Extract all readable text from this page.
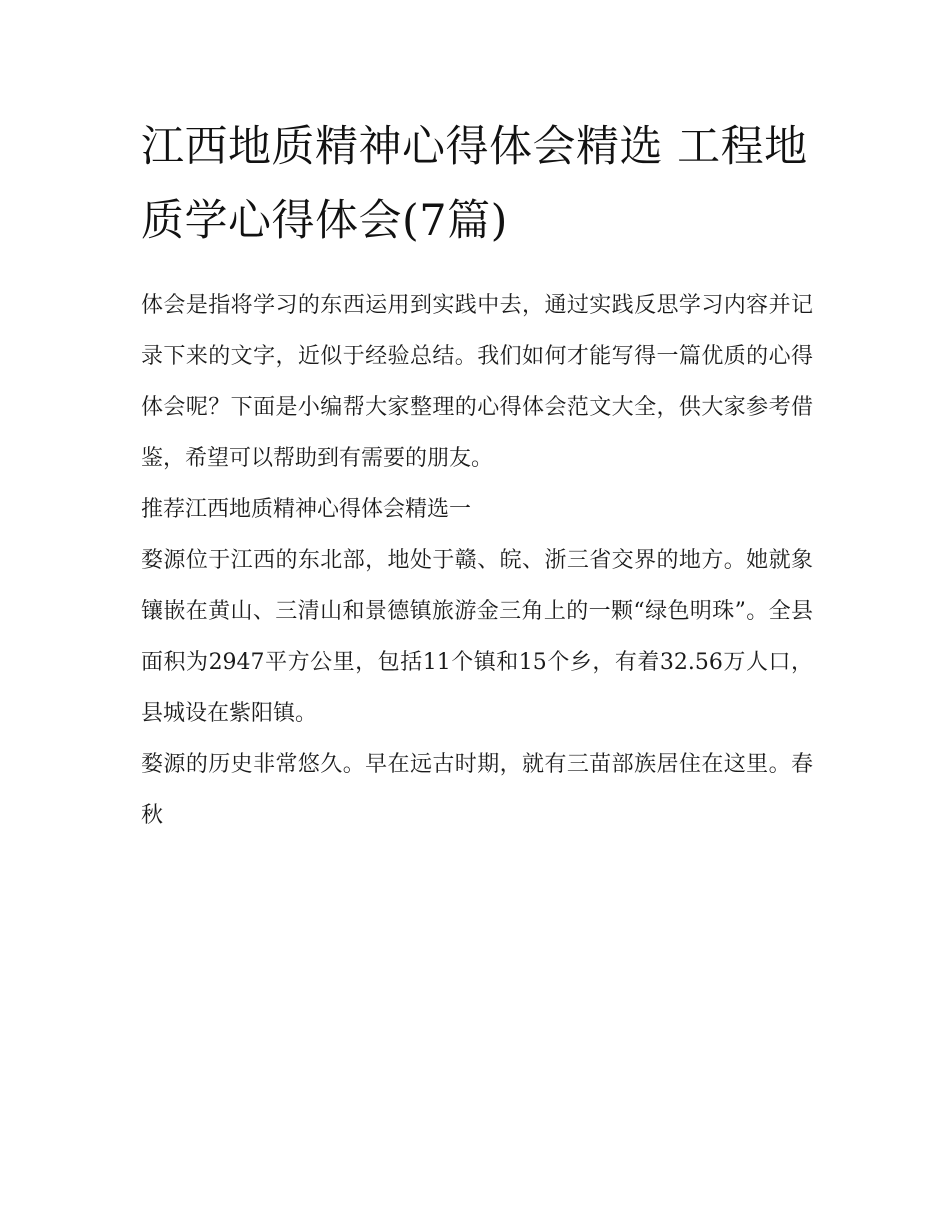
江西地质精神心得体会精选 工程地质学心得体会(7篇)

体会是指将学习的东西运用到实践中去，通过实践反思学习内容并记录下来的文字，近似于经验总结。我们如何才能写得一篇优质的心得体会呢？下面是小编帮大家整理的心得体会范文大全，供大家参考借鉴，希望可以帮助到有需要的朋友。

推荐江西地质精神心得体会精选一

婺源位于江西的东北部，地处于赣、皖、浙三省交界的地方。她就象镶嵌在黄山、三清山和景德镇旅游金三角上的一颗“绿色明珠”。全县面积为2947平方公里，包括11个镇和15个乡，有着32.56万人口，县城设在紫阳镇。

婺源的历史非常悠久。早在远古时期，就有三苗部族居住在这里。春秋
